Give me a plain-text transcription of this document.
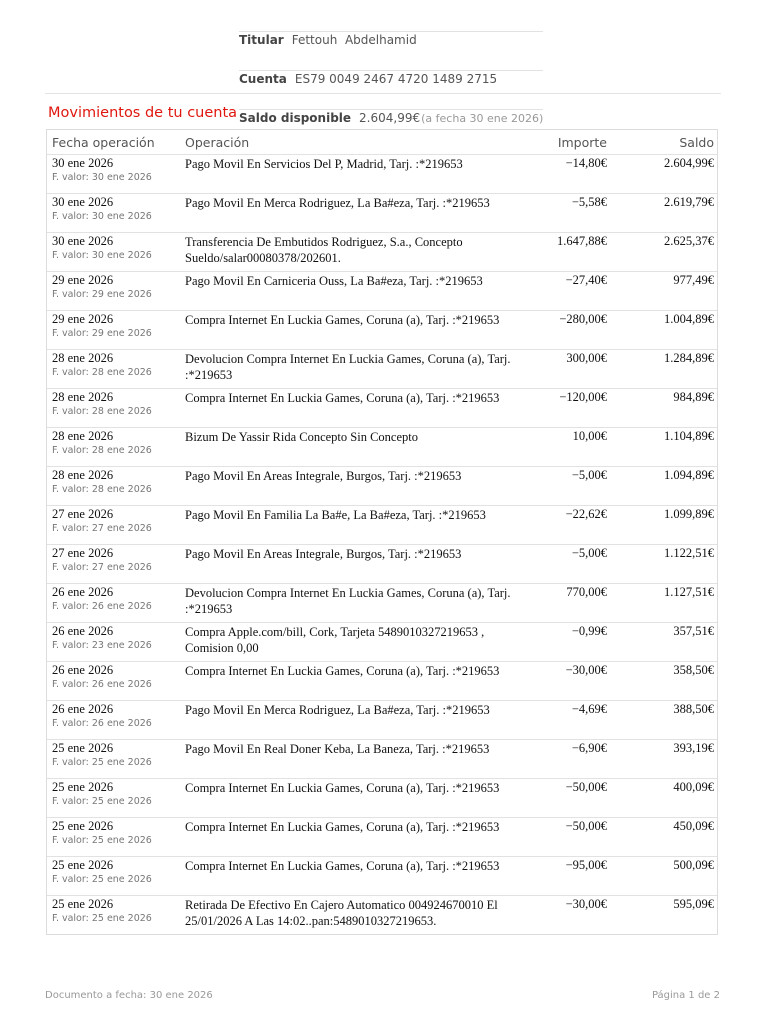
Titular Fettouh  Abdelhamid
Cuenta ES79 0049 2467 4720 1489 2715
Saldo disponible 2.604,99€(a fecha 30 ene 2026)
Movimientos de tu cuenta
Fecha operación Operación	Importe	Saldo
30 ene 2026
F. valor: 30 ene 2026
Pago Movil En Servicios Del P, Madrid, Tarj. :*219653	−14,80€	2.604,99€
30 ene 2026
F. valor: 30 ene 2026
Pago Movil En Merca Rodriguez, La Ba#eza, Tarj. :*219653	−5,58€	2.619,79€
30 ene 2026
F. valor: 30 ene 2026
Transferencia De Embutidos Rodriguez, S.a., Concepto Sueldo/salar00080378/202601.
1.647,88€	2.625,37€
29 ene 2026
F. valor: 29 ene 2026
Pago Movil En Carniceria Ouss, La Ba#eza, Tarj. :*219653	−27,40€	977,49€
29 ene 2026
F. valor: 29 ene 2026
Compra Internet En Luckia Games, Coruna (a), Tarj. :*219653	−280,00€	1.004,89€
28 ene 2026
F. valor: 28 ene 2026
Devolucion Compra Internet En Luckia Games, Coruna (a), Tarj. :*219653
300,00€	1.284,89€
28 ene 2026
F. valor: 28 ene 2026
Compra Internet En Luckia Games, Coruna (a), Tarj. :*219653	−120,00€	984,89€
28 ene 2026
F. valor: 28 ene 2026
Bizum De Yassir Rida Concepto Sin Concepto	10,00€	1.104,89€
28 ene 2026
F. valor: 28 ene 2026
Pago Movil En Areas Integrale, Burgos, Tarj. :*219653	−5,00€	1.094,89€
27 ene 2026
F. valor: 27 ene 2026
Pago Movil En Familia La Ba#e, La Ba#eza, Tarj. :*219653	−22,62€	1.099,89€
27 ene 2026
F. valor: 27 ene 2026
Pago Movil En Areas Integrale, Burgos, Tarj. :*219653	−5,00€	1.122,51€
26 ene 2026
F. valor: 26 ene 2026
Devolucion Compra Internet En Luckia Games, Coruna (a), Tarj. :*219653
770,00€	1.127,51€
26 ene 2026
F. valor: 23 ene 2026
Compra Apple.com/bill, Cork, Tarjeta 5489010327219653 , Comision 0,00
−0,99€	357,51€
26 ene 2026
F. valor: 26 ene 2026
Compra Internet En Luckia Games, Coruna (a), Tarj. :*219653	−30,00€	358,50€
26 ene 2026
F. valor: 26 ene 2026
Pago Movil En Merca Rodriguez, La Ba#eza, Tarj. :*219653	−4,69€	388,50€
25 ene 2026
F. valor: 25 ene 2026
Pago Movil En Real Doner Keba, La Baneza, Tarj. :*219653	−6,90€	393,19€
25 ene 2026
F. valor: 25 ene 2026
Compra Internet En Luckia Games, Coruna (a), Tarj. :*219653	−50,00€	400,09€
25 ene 2026
F. valor: 25 ene 2026
Compra Internet En Luckia Games, Coruna (a), Tarj. :*219653	−50,00€	450,09€
25 ene 2026
F. valor: 25 ene 2026
Compra Internet En Luckia Games, Coruna (a), Tarj. :*219653	−95,00€	500,09€
25 ene 2026
F. valor: 25 ene 2026
Retirada De Efectivo En Cajero Automatico 004924670010 El 25/01/2026 A Las 14:02..pan:5489010327219653.
−30,00€	595,09€
Documento a fecha: 30 ene 2026	Página 1 de 2
